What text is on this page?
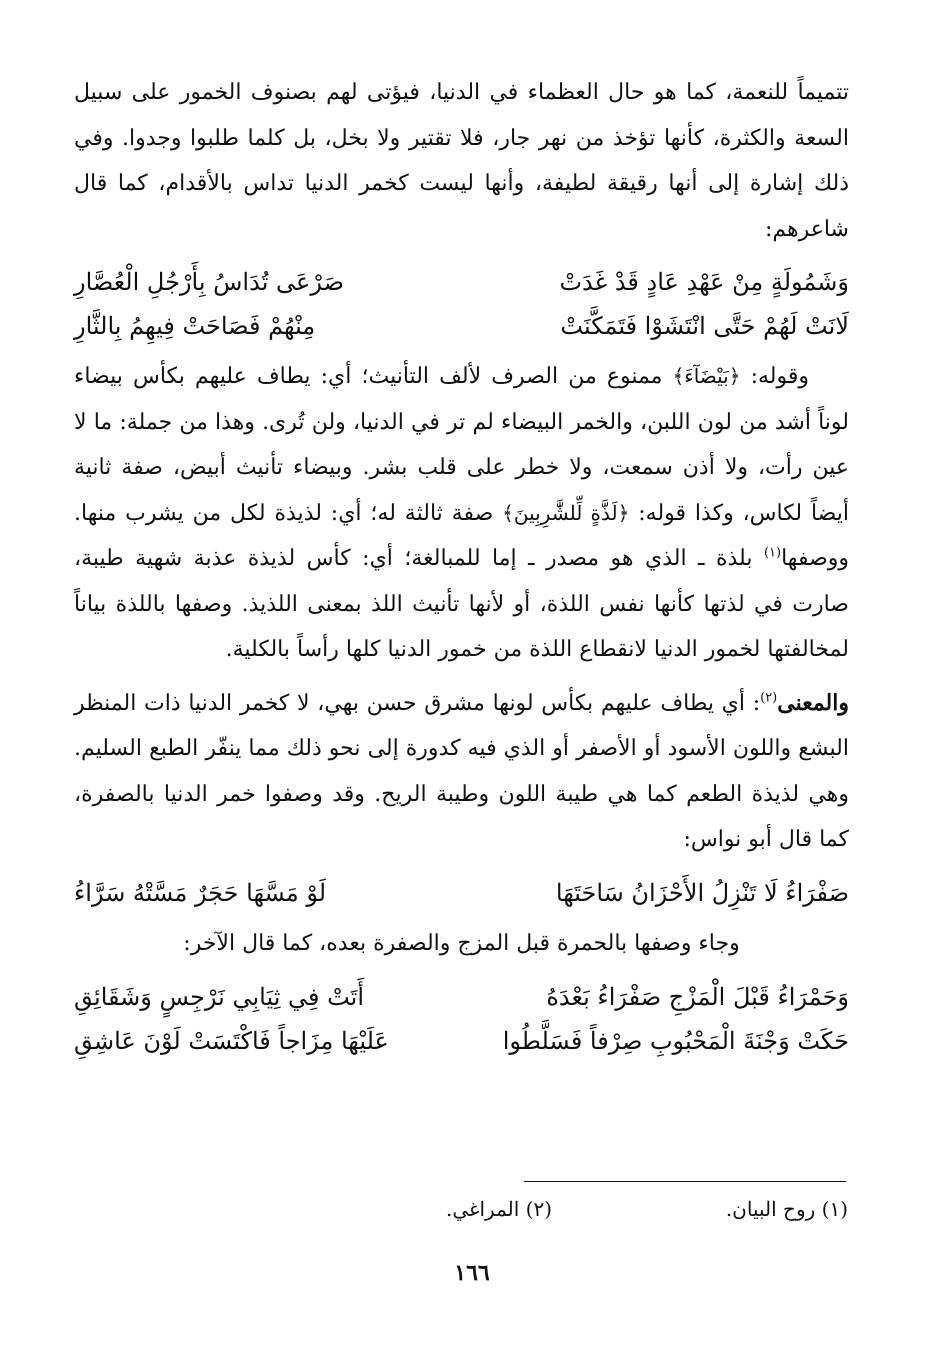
تتميماً للنعمة، كما هو حال العظماء في الدنيا، فيؤتى لهم بصنوف الخمور على سبيل السعة والكثرة، كأنها تؤخذ من نهر جار، فلا تقتير ولا بخل، بل كلما طلبوا وجدوا. وفي ذلك إشارة إلى أنها رقيقة لطيفة، وأنها ليست كخمر الدنيا تداس بالأقدام، كما قال شاعرهم:

وَشَمُولَةٍ مِنْ عَهْدِ عَادٍ قَدْ غَدَتْ
صَرْعَى تُدَاسُ بِأَرْجُلِ الْعُصَّارِ
لَانَتْ لَهُمْ حَتَّى انْتَشَوْا فَتَمَكَّنَتْ
مِنْهُمْ فَصَاحَتْ فِيهِمُ بِالثَّارِ

وقوله: ﴿بَيْضَآءَ﴾ ممنوع من الصرف لألف التأنيث؛ أي: يطاف عليهم بكأس بيضاء لوناً أشد من لون اللبن، والخمر البيضاء لم تر في الدنيا، ولن تُرى. وهذا من جملة: ما لا عين رأت، ولا أذن سمعت، ولا خطر على قلب بشر. وبيضاء تأنيث أبيض، صفة ثانية أيضاً لكاس، وكذا قوله: ﴿لَذَّةٍ لِّلشَّٰرِبِينَ﴾ صفة ثالثة له؛ أي: لذيذة لكل من يشرب منها. ووصفها$^{(١)}$ بلذة ـ الذي هو مصدر ـ إما للمبالغة؛ أي: كأس لذيذة عذبة شهية طيبة، صارت في لذتها كأنها نفس اللذة، أو لأنها تأنيث اللذ بمعنى اللذيذ. وصفها باللذة بياناً لمخالفتها لخمور الدنيا لانقطاع اللذة من خمور الدنيا كلها رأساً بالكلية.

والمعنى$^{(٢)}$: أي يطاف عليهم بكأس لونها مشرق حسن بهي، لا كخمر الدنيا ذات المنظر البشع واللون الأسود أو الأصفر أو الذي فيه كدورة إلى نحو ذلك مما ينفّر الطبع السليم. وهي لذيذة الطعم كما هي طيبة اللون وطيبة الريح. وقد وصفوا خمر الدنيا بالصفرة، كما قال أبو نواس:

صَفْرَاءُ لَا تَنْزِلُ الأَحْزَانُ سَاحَتَهَا
لَوْ مَسَّهَا حَجَرٌ مَسَّتْهُ سَرَّاءُ
وجاء وصفها بالحمرة قبل المزج والصفرة بعده، كما قال الآخر:
وَحَمْرَاءُ قَبْلَ الْمَزْجِ صَفْرَاءُ بَعْدَهُ
أَتَتْ فِي ثِيَابِي نَرْجِسٍ وَشَقَائِقِ
حَكَتْ وَجْنَةَ الْمَحْبُوبِ صِرْفاً فَسَلَّطُوا
عَلَيْهَا مِزَاجاً فَاكْتَسَتْ لَوْنَ عَاشِقِ
(١) روح البيان.
(٢) المراغي.
١٦٦
